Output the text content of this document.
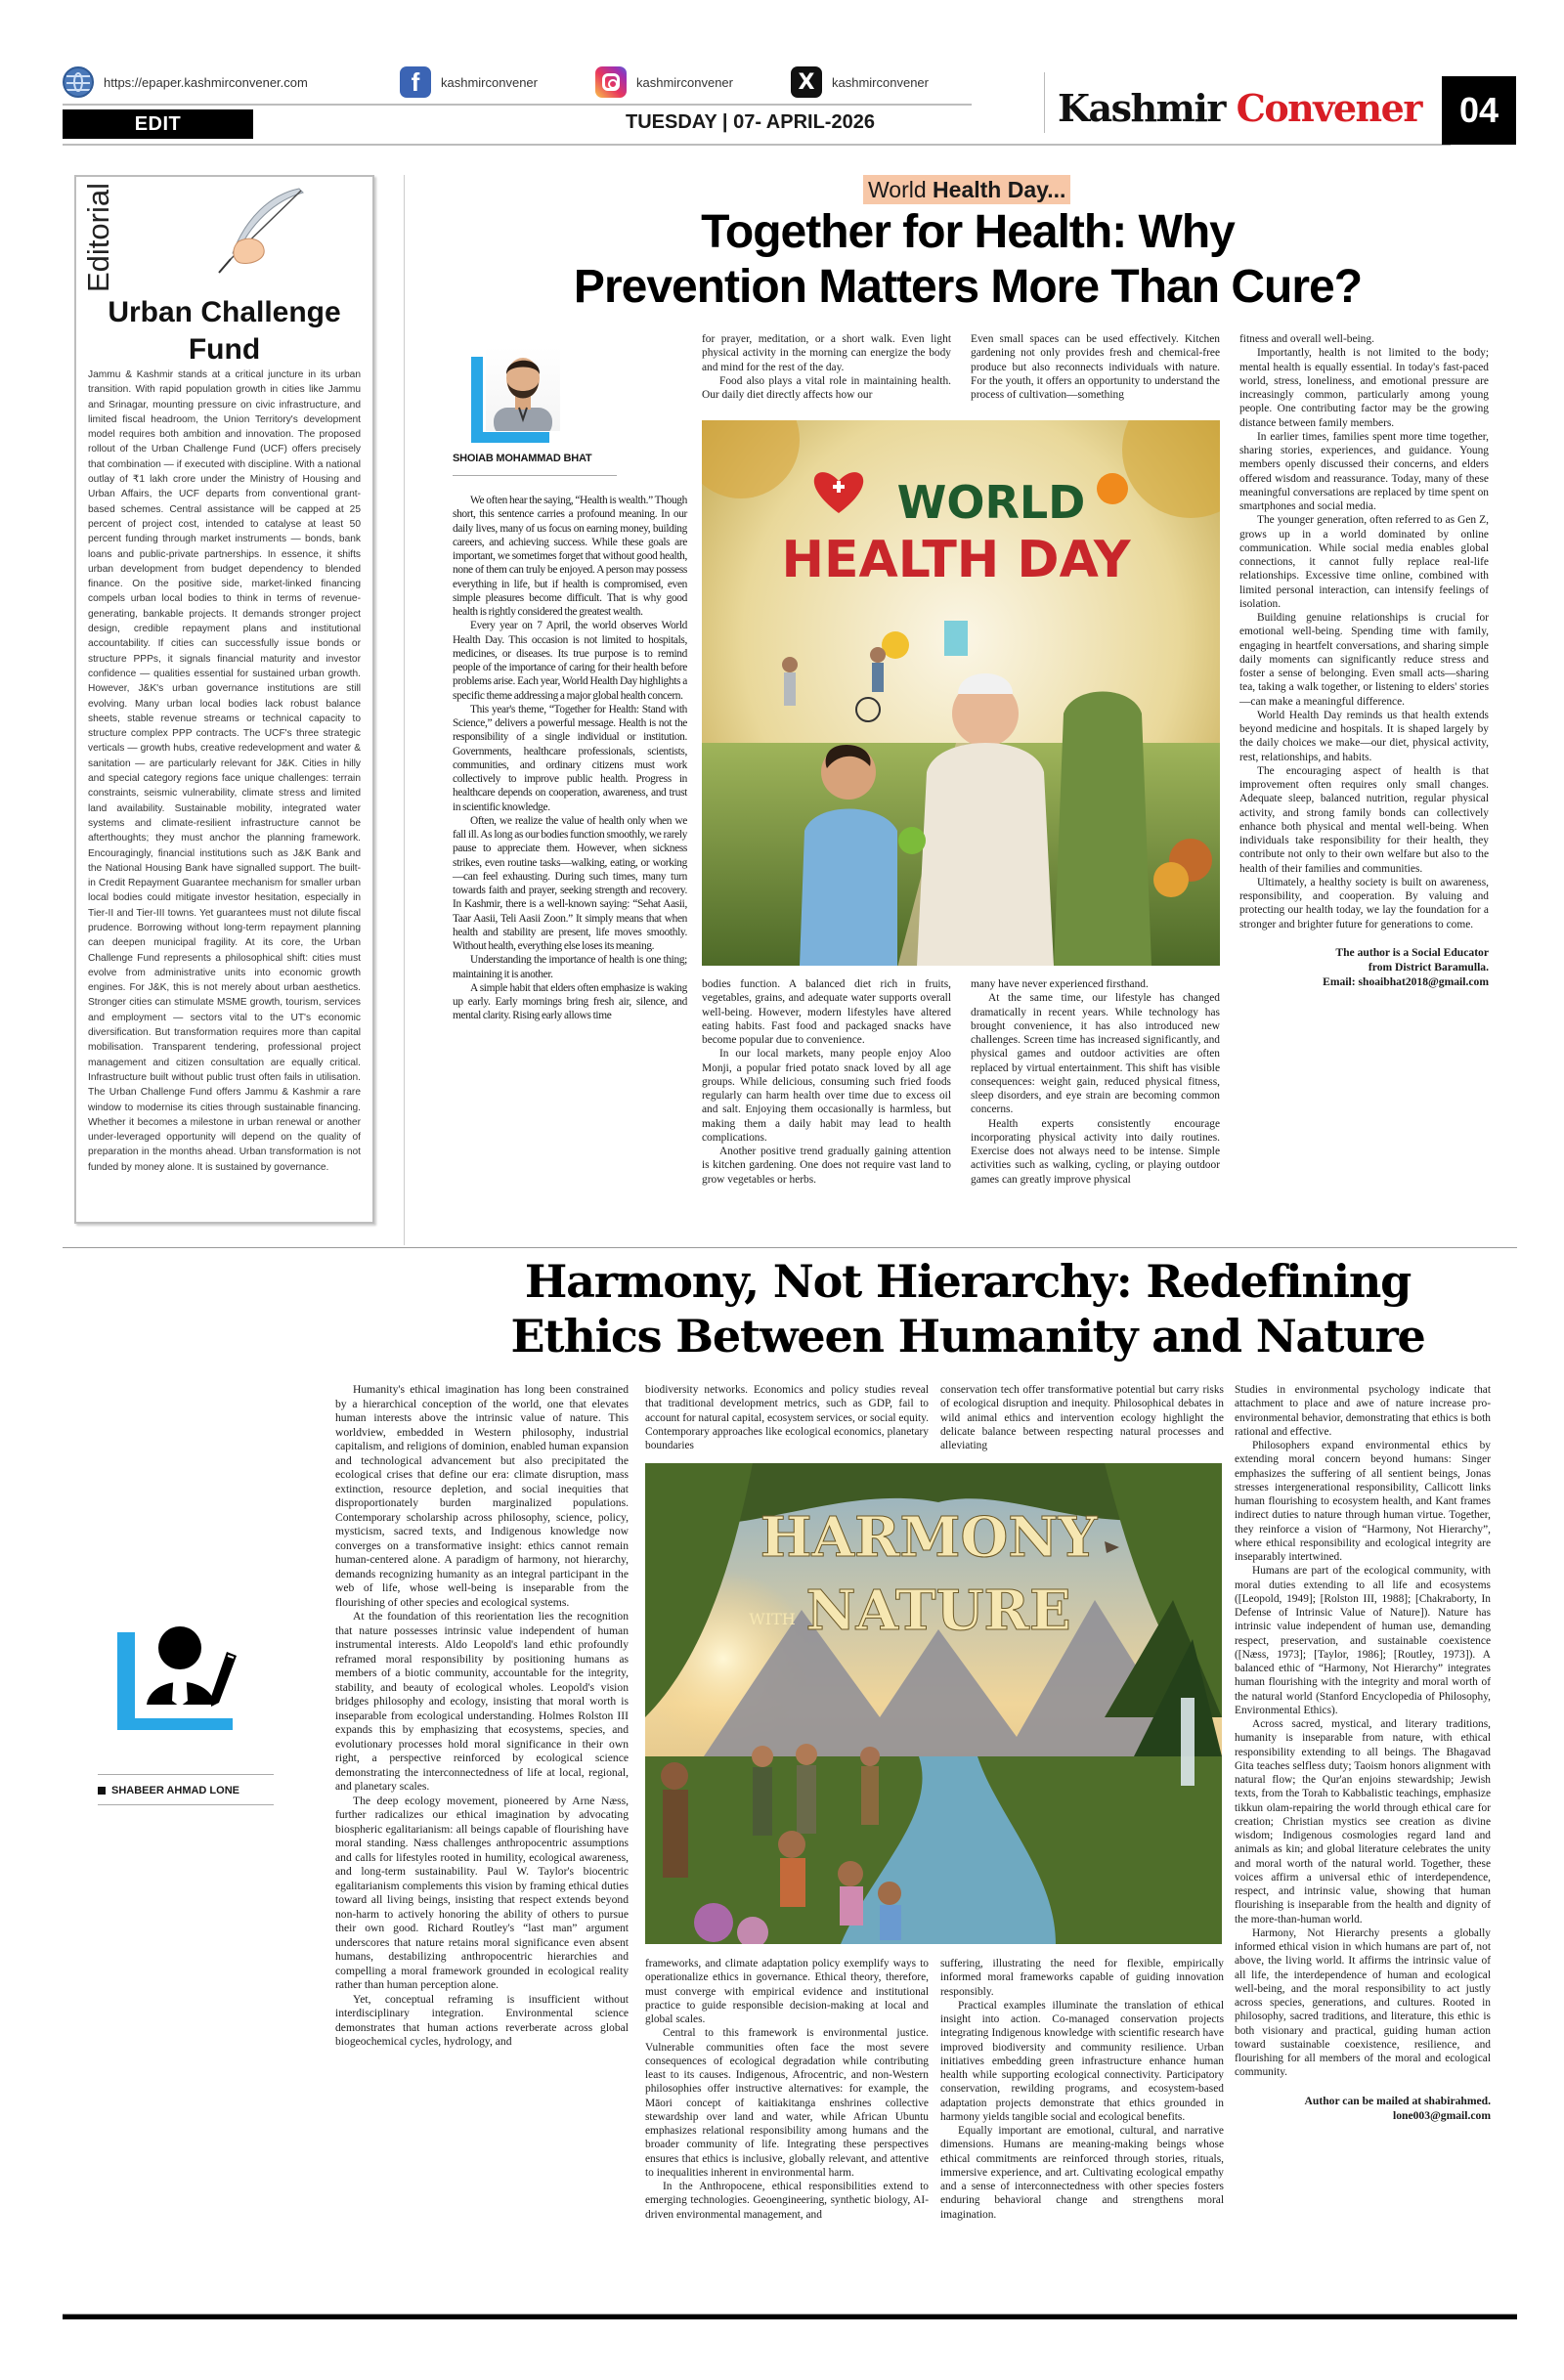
https://epaper.kashmirconvener.com	f	kashmirconvener	kashmirconvener	X	kashmirconvener
EDIT	TUESDAY | 07- APRIL-2026	Kashmir Convener	04
Editorial
Urban Challenge Fund
Jammu & Kashmir stands at a critical juncture in its urban transition. With rapid population growth in cities like Jammu and Srinagar, mounting pressure on civic infrastructure, and limited fiscal headroom, the Union Territory's development model requires both ambition and innovation. The proposed rollout of the Urban Challenge Fund (UCF) offers precisely that combination — if executed with discipline. With a national outlay of ₹1 lakh crore under the Ministry of Housing and Urban Affairs, the UCF departs from conventional grant-based schemes. Central assistance will be capped at 25 percent of project cost, intended to catalyse at least 50 percent funding through market instruments — bonds, bank loans and public-private partnerships. In essence, it shifts urban development from budget dependency to blended finance. On the positive side, market-linked financing compels urban local bodies to think in terms of revenue-generating, bankable projects. It demands stronger project design, credible repayment plans and institutional accountability. If cities can successfully issue bonds or structure PPPs, it signals financial maturity and investor confidence — qualities essential for sustained urban growth. However, J&K's urban governance institutions are still evolving. Many urban local bodies lack robust balance sheets, stable revenue streams or technical capacity to structure complex PPP contracts. The UCF's three strategic verticals — growth hubs, creative redevelopment and water & sanitation — are particularly relevant for J&K. Cities in hilly and special category regions face unique challenges: terrain constraints, seismic vulnerability, climate stress and limited land availability. Sustainable mobility, integrated water systems and climate-resilient infrastructure cannot be afterthoughts; they must anchor the planning framework. Encouragingly, financial institutions such as J&K Bank and the National Housing Bank have signalled support. The built-in Credit Repayment Guarantee mechanism for smaller urban local bodies could mitigate investor hesitation, especially in Tier-II and Tier-III towns. Yet guarantees must not dilute fiscal prudence. Borrowing without long-term repayment planning can deepen municipal fragility. At its core, the Urban Challenge Fund represents a philosophical shift: cities must evolve from administrative units into economic growth engines. For J&K, this is not merely about urban aesthetics. Stronger cities can stimulate MSME growth, tourism, services and employment — sectors vital to the UT's economic diversification. But transformation requires more than capital mobilisation. Transparent tendering, professional project management and citizen consultation are equally critical. Infrastructure built without public trust often fails in utilisation. The Urban Challenge Fund offers Jammu & Kashmir a rare window to modernise its cities through sustainable financing. Whether it becomes a milestone in urban renewal or another under-leveraged opportunity will depend on the quality of preparation in the months ahead. Urban transformation is not funded by money alone. It is sustained by governance.
World Health Day...
Together for Health: Why
Prevention Matters More Than Cure?
SHOIAB MOHAMMAD BHAT

We often hear the saying, “Health is wealth.” Though short, this sentence carries a profound meaning. In our daily lives, many of us focus on earning money, building careers, and achieving success. While these goals are important, we sometimes forget that without good health, none of them can truly be enjoyed. A person may possess everything in life, but if health is compromised, even simple pleasures become difficult. That is why good health is rightly considered the greatest wealth.

Every year on 7 April, the world observes World Health Day. This occasion is not limited to hospitals, medicines, or diseases. Its true purpose is to remind people of the importance of caring for their health before problems arise. Each year, World Health Day highlights a specific theme addressing a major global health concern.

This year's theme, “Together for Health: Stand with Science,” delivers a powerful message. Health is not the responsibility of a single individual or institution. Governments, healthcare professionals, scientists, communities, and ordinary citizens must work collectively to improve public health. Progress in healthcare depends on cooperation, awareness, and trust in scientific knowledge.

Often, we realize the value of health only when we fall ill. As long as our bodies function smoothly, we rarely pause to appreciate them. However, when sickness strikes, even routine tasks—walking, eating, or working—can feel exhausting. During such times, many turn towards faith and prayer, seeking strength and recovery. In Kashmir, there is a well-known saying: “Sehat Aasii, Taar Aasii, Teli Aasii Zoon.” It simply means that when health and stability are present, life moves smoothly. Without health, everything else loses its meaning.

Understanding the importance of health is one thing; maintaining it is another.

A simple habit that elders often emphasize is waking up early. Early mornings bring fresh air, silence, and mental clarity. Rising early allows time

for prayer, meditation, or a short walk. Even light physical activity in the morning can energize the body and mind for the rest of the day.

Food also plays a vital role in maintaining health. Our daily diet directly affects how our

Even small spaces can be used effectively. Kitchen gardening not only provides fresh and chemical-free produce but also reconnects individuals with nature. For the youth, it offers an opportunity to understand the process of cultivation—something

WORLD
HEALTH DAY

bodies function. A balanced diet rich in fruits, vegetables, grains, and adequate water supports overall well-being. However, modern lifestyles have altered eating habits. Fast food and packaged snacks have become popular due to convenience.

In our local markets, many people enjoy Aloo Monji, a popular fried potato snack loved by all age groups. While delicious, consuming such fried foods regularly can harm health over time due to excess oil and salt. Enjoying them occasionally is harmless, but making them a daily habit may lead to health complications.

Another positive trend gradually gaining attention is kitchen gardening. One does not require vast land to grow vegetables or herbs.

many have never experienced firsthand.

At the same time, our lifestyle has changed dramatically in recent years. While technology has brought convenience, it has also introduced new challenges. Screen time has increased significantly, and physical games and outdoor activities are often replaced by virtual entertainment. This shift has visible consequences: weight gain, reduced physical fitness, sleep disorders, and eye strain are becoming common concerns.

Health experts consistently encourage incorporating physical activity into daily routines. Exercise does not always need to be intense. Simple activities such as walking, cycling, or playing outdoor games can greatly improve physical

fitness and overall well-being.

Importantly, health is not limited to the body; mental health is equally essential. In today's fast-paced world, stress, loneliness, and emotional pressure are increasingly common, particularly among young people. One contributing factor may be the growing distance between family members.

In earlier times, families spent more time together, sharing stories, experiences, and guidance. Young members openly discussed their concerns, and elders offered wisdom and reassurance. Today, many of these meaningful conversations are replaced by time spent on smartphones and social media.

The younger generation, often referred to as Gen Z, grows up in a world dominated by online communication. While social media enables global connections, it cannot fully replace real-life relationships. Excessive time online, combined with limited personal interaction, can intensify feelings of isolation.

Building genuine relationships is crucial for emotional well-being. Spending time with family, engaging in heartfelt conversations, and sharing simple daily moments can significantly reduce stress and foster a sense of belonging. Even small acts—sharing tea, taking a walk together, or listening to elders' stories—can make a meaningful difference.

World Health Day reminds us that health extends beyond medicine and hospitals. It is shaped largely by the daily choices we make—our diet, physical activity, rest, relationships, and habits.

The encouraging aspect of health is that improvement often requires only small changes. Adequate sleep, balanced nutrition, regular physical activity, and strong family bonds can collectively enhance both physical and mental well-being. When individuals take responsibility for their health, they contribute not only to their own welfare but also to the health of their families and communities.

Ultimately, a healthy society is built on awareness, responsibility, and cooperation. By valuing and protecting our health today, we lay the foundation for a stronger and brighter future for generations to come.

The author is a Social Educator
from District Baramulla.
Email: shoaibhat2018@gmail.com
Harmony, Not Hierarchy: Redefining
Ethics Between Humanity and Nature
SHABEER AHMAD LONE

Humanity's ethical imagination has long been constrained by a hierarchical conception of the world, one that elevates human interests above the intrinsic value of nature. This worldview, embedded in Western philosophy, industrial capitalism, and religions of dominion, enabled human expansion and technological advancement but also precipitated the ecological crises that define our era: climate disruption, mass extinction, resource depletion, and social inequities that disproportionately burden marginalized populations. Contemporary scholarship across philosophy, science, policy, mysticism, sacred texts, and Indigenous knowledge now converges on a transformative insight: ethics cannot remain human-centered alone. A paradigm of harmony, not hierarchy, demands recognizing humanity as an integral participant in the web of life, whose well-being is inseparable from the flourishing of other species and ecological systems.

At the foundation of this reorientation lies the recognition that nature possesses intrinsic value independent of human instrumental interests. Aldo Leopold's land ethic profoundly reframed moral responsibility by positioning humans as members of a biotic community, accountable for the integrity, stability, and beauty of ecological wholes. Leopold's vision bridges philosophy and ecology, insisting that moral worth is inseparable from ecological understanding. Holmes Rolston III expands this by emphasizing that ecosystems, species, and evolutionary processes hold moral significance in their own right, a perspective reinforced by ecological science demonstrating the interconnectedness of life at local, regional, and planetary scales.

The deep ecology movement, pioneered by Arne Næss, further radicalizes our ethical imagination by advocating biospheric egalitarianism: all beings capable of flourishing have moral standing. Næss challenges anthropocentric assumptions and calls for lifestyles rooted in humility, ecological awareness, and long-term sustainability. Paul W. Taylor's biocentric egalitarianism complements this vision by framing ethical duties toward all living beings, insisting that respect extends beyond non-harm to actively honoring the ability of others to pursue their own good. Richard Routley's “last man” argument underscores that nature retains moral significance even absent humans, destabilizing anthropocentric hierarchies and compelling a moral framework grounded in ecological reality rather than human perception alone.

Yet, conceptual reframing is insufficient without interdisciplinary integration. Environmental science demonstrates that human actions reverberate across global biogeochemical cycles, hydrology, and

biodiversity networks. Economics and policy studies reveal that traditional development metrics, such as GDP, fail to account for natural capital, ecosystem services, or social equity. Contemporary approaches like ecological economics, planetary boundaries

conservation tech offer transformative potential but carry risks of ecological disruption and inequity. Philosophical debates in wild animal ethics and intervention ecology highlight the delicate balance between respecting natural processes and alleviating

HARMONY
WITH NATURE

frameworks, and climate adaptation policy exemplify ways to operationalize ethics in governance. Ethical theory, therefore, must converge with empirical evidence and institutional practice to guide responsible decision-making at local and global scales.

Central to this framework is environmental justice. Vulnerable communities often face the most severe consequences of ecological degradation while contributing least to its causes. Indigenous, Afrocentric, and non-Western philosophies offer instructive alternatives: for example, the Māori concept of kaitiakitanga enshrines collective stewardship over land and water, while African Ubuntu emphasizes relational responsibility among humans and the broader community of life. Integrating these perspectives ensures that ethics is inclusive, globally relevant, and attentive to inequalities inherent in environmental harm.

In the Anthropocene, ethical responsibilities extend to emerging technologies. Geoengineering, synthetic biology, AI-driven environmental management, and

suffering, illustrating the need for flexible, empirically informed moral frameworks capable of guiding innovation responsibly.

Practical examples illuminate the translation of ethical insight into action. Co-managed conservation projects integrating Indigenous knowledge with scientific research have improved biodiversity and community resilience. Urban initiatives embedding green infrastructure enhance human health while supporting ecological connectivity. Participatory conservation, rewilding programs, and ecosystem-based adaptation projects demonstrate that ethics grounded in harmony yields tangible social and ecological benefits.

Equally important are emotional, cultural, and narrative dimensions. Humans are meaning-making beings whose ethical commitments are reinforced through stories, rituals, immersive experience, and art. Cultivating ecological empathy and a sense of interconnectedness with other species fosters enduring behavioral change and strengthens moral imagination.

Studies in environmental psychology indicate that attachment to place and awe of nature increase pro-environmental behavior, demonstrating that ethics is both rational and effective.

Philosophers expand environmental ethics by extending moral concern beyond humans: Singer emphasizes the suffering of all sentient beings, Jonas stresses intergenerational responsibility, Callicott links human flourishing to ecosystem health, and Kant frames indirect duties to nature through human virtue. Together, they reinforce a vision of “Harmony, Not Hierarchy”, where ethical responsibility and ecological integrity are inseparably intertwined.

Humans are part of the ecological community, with moral duties extending to all life and ecosystems ([Leopold, 1949]; [Rolston III, 1988]; [Chakraborty, In Defense of Intrinsic Value of Nature]). Nature has intrinsic value independent of human use, demanding respect, preservation, and sustainable coexistence ([Næss, 1973]; [Taylor, 1986]; [Routley, 1973]). A balanced ethic of “Harmony, Not Hierarchy” integrates human flourishing with the integrity and moral worth of the natural world (Stanford Encyclopedia of Philosophy, Environmental Ethics).

Across sacred, mystical, and literary traditions, humanity is inseparable from nature, with ethical responsibility extending to all beings. The Bhagavad Gita teaches selfless duty; Taoism honors alignment with natural flow; the Qur'an enjoins stewardship; Jewish texts, from the Torah to Kabbalistic teachings, emphasize tikkun olam-repairing the world through ethical care for creation; Christian mystics see creation as divine wisdom; Indigenous cosmologies regard land and animals as kin; and global literature celebrates the unity and moral worth of the natural world. Together, these voices affirm a universal ethic of interdependence, respect, and intrinsic value, showing that human flourishing is inseparable from the health and dignity of the more-than-human world.

Harmony, Not Hierarchy presents a globally informed ethical vision in which humans are part of, not above, the living world. It affirms the intrinsic value of all life, the interdependence of human and ecological well-being, and the moral responsibility to act justly across species, generations, and cultures. Rooted in philosophy, sacred traditions, and literature, this ethic is both visionary and practical, guiding human action toward sustainable coexistence, resilience, and flourishing for all members of the moral and ecological community.

Author can be mailed at shabirahmed.
lone003@gmail.com
